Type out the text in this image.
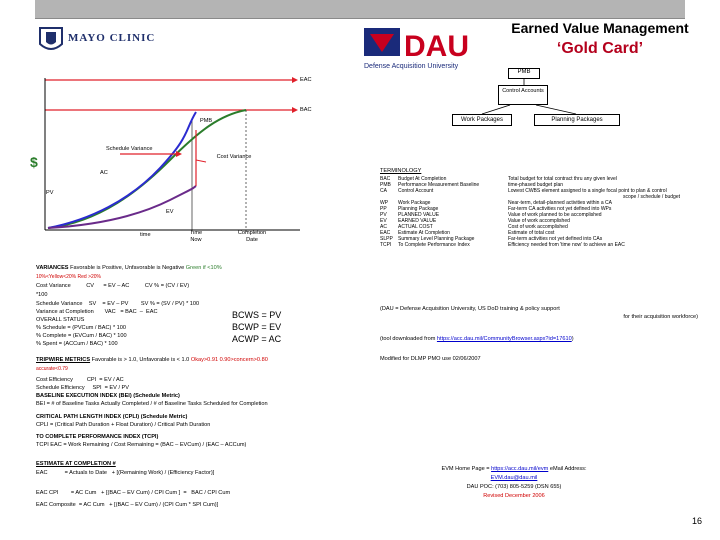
MAYO CLINIC	DAU
Defense Acquisition University
Earned Value Management
‘Gold Card’
PMB
Control Accounts
Work Packages	Planning Packages
EAC
BAC
PMB
Schedule Variance
Cost Variance
$
AC
PV
EV
time	Time Now
Completion Date
VARIANCES Favorable is Positive, Unfavorable is Negative Green if <10%
10%<Yellow<20% Red >20%
Cost Variance          CV      = EV – AC          CV % = (CV / EV)
*100
Schedule Variance    SV    = EV – PV        SV % = (SV / PV) * 100
Variance at Completion       VAC   = BAC  –  EAC
OVERALL STATUS	BCWS = PV
BCWP = EV
ACWP = AC
% Schedule = (PVCum / BAC) * 100
% Complete = (EVCum / BAC) * 100
% Spent = (ACCum / BAC) * 100
TRIPWIRE METRICS Favorable is > 1.0, Unfavorable is < 1.0 Okay>0.91 0.90>concern>0.80
accurate<0.79
Cost Efficiency         CPI  = EV / AC
Schedule Efficiency     SPI  = EV / PV
BASELINE EXECUTION INDEX (BEI) (Schedule Metric)
BEI = # of Baseline Tasks Actually Completed / # of Baseline Tasks Scheduled for Completion
CRITICAL PATH LENGTH INDEX (CPLI) (Schedule Metric)
CPLI = (Critical Path Duration + Float Duration) / Critical Path Duration
TO COMPLETE PERFORMANCE INDEX (TCPI)
TCPI EAC = Work Remaining / Cost Remaining = (BAC – EVCum) / (EAC – ACCum)
ESTIMATE AT COMPLETION #
EAC           = Actuals to Date   + [(Remaining Work) / (Efficiency Factor)]
EAC CPI        = AC Cum   + [(BAC – EV Cum) / CPI Cum ]  =   BAC / CPI Cum
EAC Composite  = AC Cum   + [(BAC – EV Cum) / (CPI Cum * SPI Cum)]
TERMINOLOGY
BAC	Budget At Completion	Total budget for total contract thru any given level
PMB	Performance Measurement Baseline	time-phased budget plan
CA	Control Account	Lowest CWBS element assigned to a single focal point to plan & control
scope / schedule / budget
WP	Work Package	Near-term, detail-planned activities within a CA
PP	Planning Package	Far-term CA activities not yet defined into WPs
PV	PLANNED VALUE	Value of work planned to be accomplished
EV	EARNED VALUE	Value of work accomplished
AC	ACTUAL COST	Cost of work accomplished
EAC	Estimate At Completion	Estimate of total cost
SLPP	Summary Level Planning Package	Far-term activities not yet defined into CAs
TCPI	To Complete Performance Index	Efficiency needed from 'time now' to achieve an EAC
(DAU = Defense Acquisition University, US DoD training & policy support
for their acquisition workforce)
(tool downloaded from https://acc.dau.mil/CommunityBrowser.aspx?id=17610)
Modified for DLMP PMO use 02/06/2007
EVM Home Page = https://acc.dau.mil/evm eMail Address:
EVM.dau@dau.mil
DAU POC: (703) 805-5259 (DSN 655)
Revised December 2006
16
